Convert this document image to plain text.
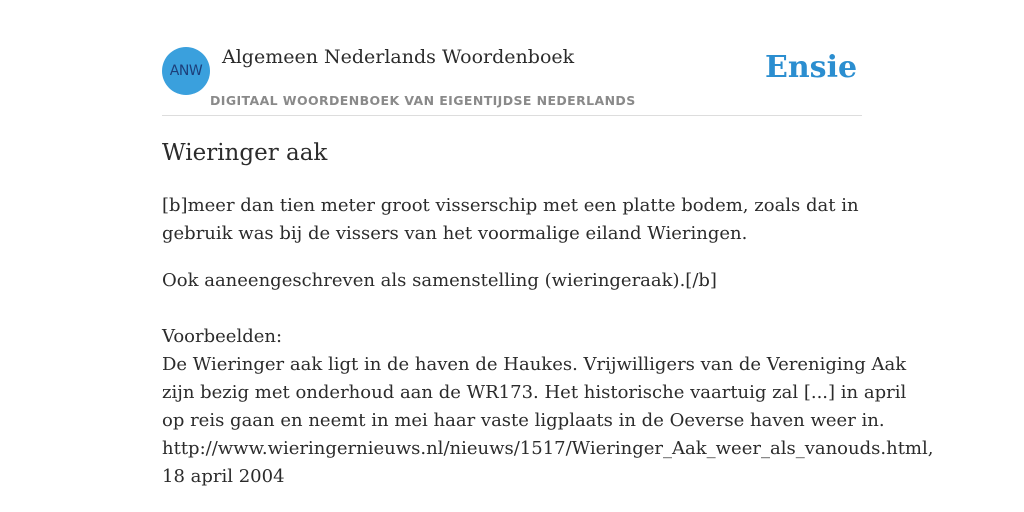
ANW
Algemeen Nederlands Woordenboek
DIGITAAL WOORDENBOEK VAN EIGENTIJDSE NEDERLANDS
Ensie
Wieringer aak
[b]meer dan tien meter groot visserschip met een platte bodem, zoals dat in
gebruik was bij de vissers van het voormalige eiland Wieringen.
Ook aaneengeschreven als samenstelling (wieringeraak).[/b]
Voorbeelden:
De Wieringer aak ligt in de haven de Haukes. Vrijwilligers van de Vereniging Aak
zijn bezig met onderhoud aan de WR173. Het historische vaartuig zal [...] in april
op reis gaan en neemt in mei haar vaste ligplaats in de Oeverse haven weer in.
http://www.wieringernieuws.nl/nieuws/1517/Wieringer_Aak_weer_als_vanouds.html,
18 april 2004
